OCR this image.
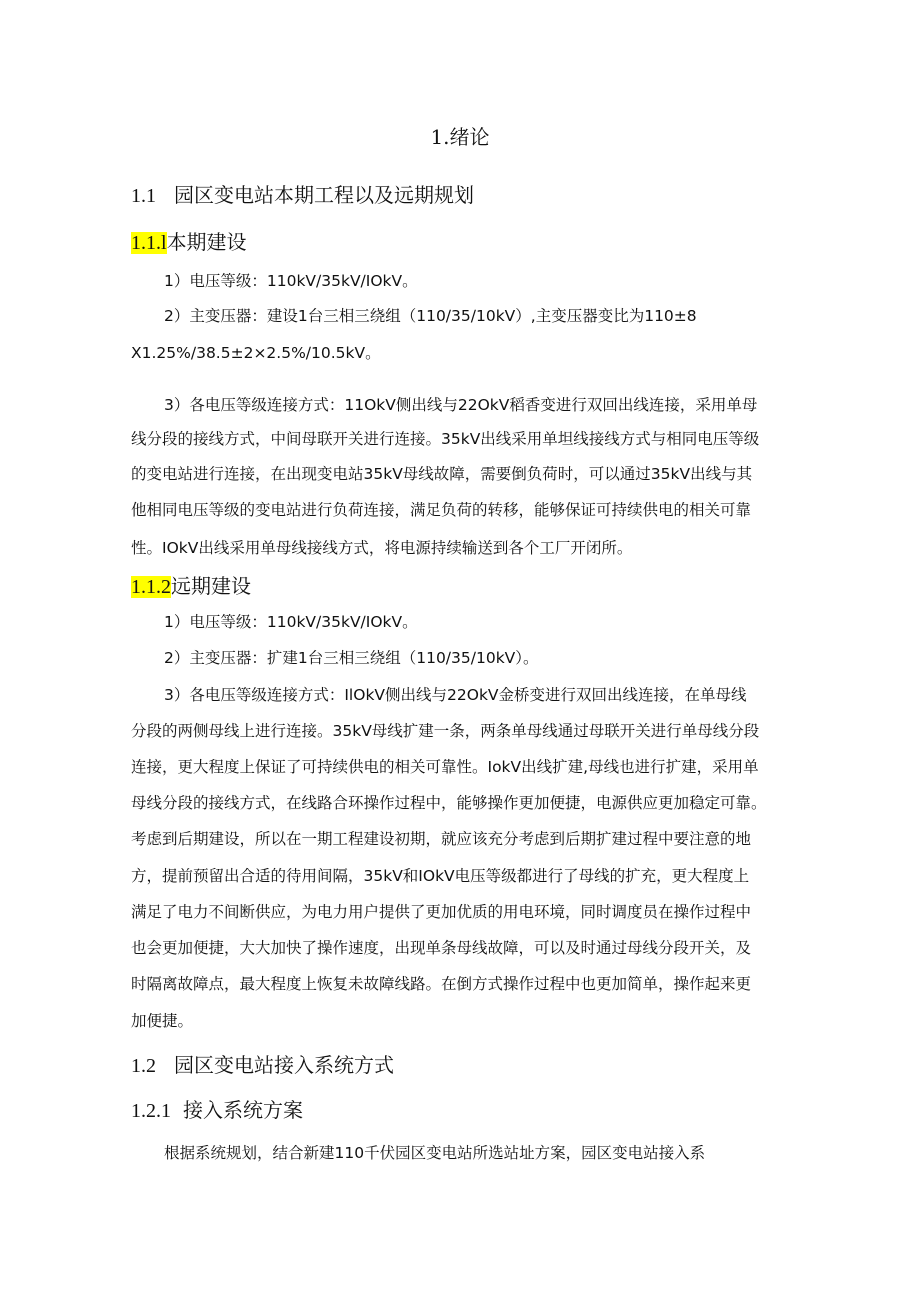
1.绪论
1.1 园区变电站本期工程以及远期规划
1.1.l本期建设
1）电压等级：110kV∕35kV∕IOkV。
2）主变压器：建设1台三相三绕组（110∕35∕10kV）,主变压器变比为110±8
X1.25%∕38.5±2×2.5%∕10.5kV。
3）各电压等级连接方式：11OkV侧出线与22OkV稻香变进行双回出线连接，采用单母
线分段的接线方式，中间母联开关进行连接。35kV出线采用单坦线接线方式与相同电压等级
的变电站进行连接，在出现变电站35kV母线故障，需要倒负荷时，可以通过35kV出线与其
他相同电压等级的变电站进行负荷连接，满足负荷的转移，能够保证可持续供电的相关可靠
性。IOkV出线采用单母线接线方式，将电源持续输送到各个工厂开闭所。
1.1.2远期建设
1）电压等级：110kV∕35kV∕IOkV。
2）主变压器：扩建1台三相三绕组（110∕35∕10kV）。
3）各电压等级连接方式：IlOkV侧出线与22OkV金桥变进行双回出线连接，在单母线
分段的两侧母线上进行连接。35kV母线扩建一条，两条单母线通过母联开关进行单母线分段
连接，更大程度上保证了可持续供电的相关可靠性。IokV出线扩建,母线也进行扩建，采用单
母线分段的接线方式，在线路合环操作过程中，能够操作更加便捷，电源供应更加稳定可靠。
考虑到后期建设，所以在一期工程建设初期，就应该充分考虑到后期扩建过程中要注意的地
方，提前预留出合适的待用间隔，35kV和IOkV电压等级都进行了母线的扩充，更大程度上
满足了电力不间断供应，为电力用户提供了更加优质的用电环境，同时调度员在操作过程中
也会更加便捷，大大加快了操作速度，出现单条母线故障，可以及时通过母线分段开关，及
时隔离故障点，最大程度上恢复未故障线路。在倒方式操作过程中也更加简单，操作起来更
加便捷。
1.2 园区变电站接入系统方式
1.2.1 接入系统方案
根据系统规划，结合新建110千伏园区变电站所选站址方案，园区变电站接入系
